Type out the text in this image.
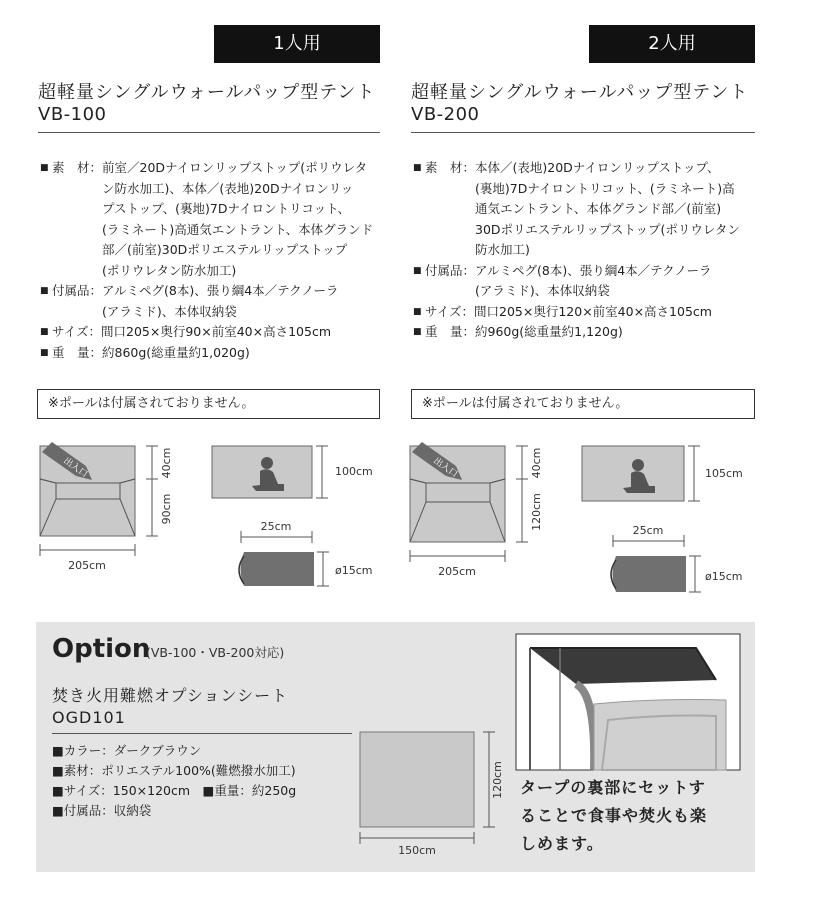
1人用
超軽量シングルウォールパップ型テント
VB-100
■ 素　材： 前室／20Dナイロンリップストップ(ポリウレタ
ン防水加工)、本体／(表地)20Dナイロンリッ
プストップ、(裏地)7Dナイロントリコット、
(ラミネート)高通気エントラント、本体グランド
部／(前室)30Dポリエステルリップストップ
(ポリウレタン防水加工)
■ 付属品： アルミペグ(8本)、張り綱4本／テクノーラ
(アラミド)、本体収納袋
■ サイズ： 間口205×奥行90×前室40×高さ105cm
■ 重　量： 約860g(総重量約1,020g)
※ポールは付属されておりません。
出入口
205cm
40cm
90cm
100cm
25cm
ø15cm
2人用
超軽量シングルウォールパップ型テント
VB-200
■ 素　材： 本体／(表地)20Dナイロンリップストップ、
(裏地)7Dナイロントリコット、(ラミネート)高
通気エントラント、本体グランド部／(前室)
30Dポリエステルリップストップ(ポリウレタン
防水加工)
■ 付属品： アルミペグ(8本)、張り綱4本／テクノーラ
(アラミド)、本体収納袋
■ サイズ： 間口205×奥行120×前室40×高さ105cm
■ 重　量： 約960g(総重量約1,120g)
※ポールは付属されておりません。
出入口
205cm
40cm
120cm
105cm
25cm
ø15cm
Option
(VB-100・VB-200対応)
焚き火用難燃オプションシート
OGD101
■カラー：ダークブラウン
■素材：ポリエステル100%(難燃撥水加工)
■サイズ：150×120cm　■重量：約250g
■付属品：収納袋
120cm
150cm
タープの裏部にセットす
ることで食事や焚火も楽
しめます。
